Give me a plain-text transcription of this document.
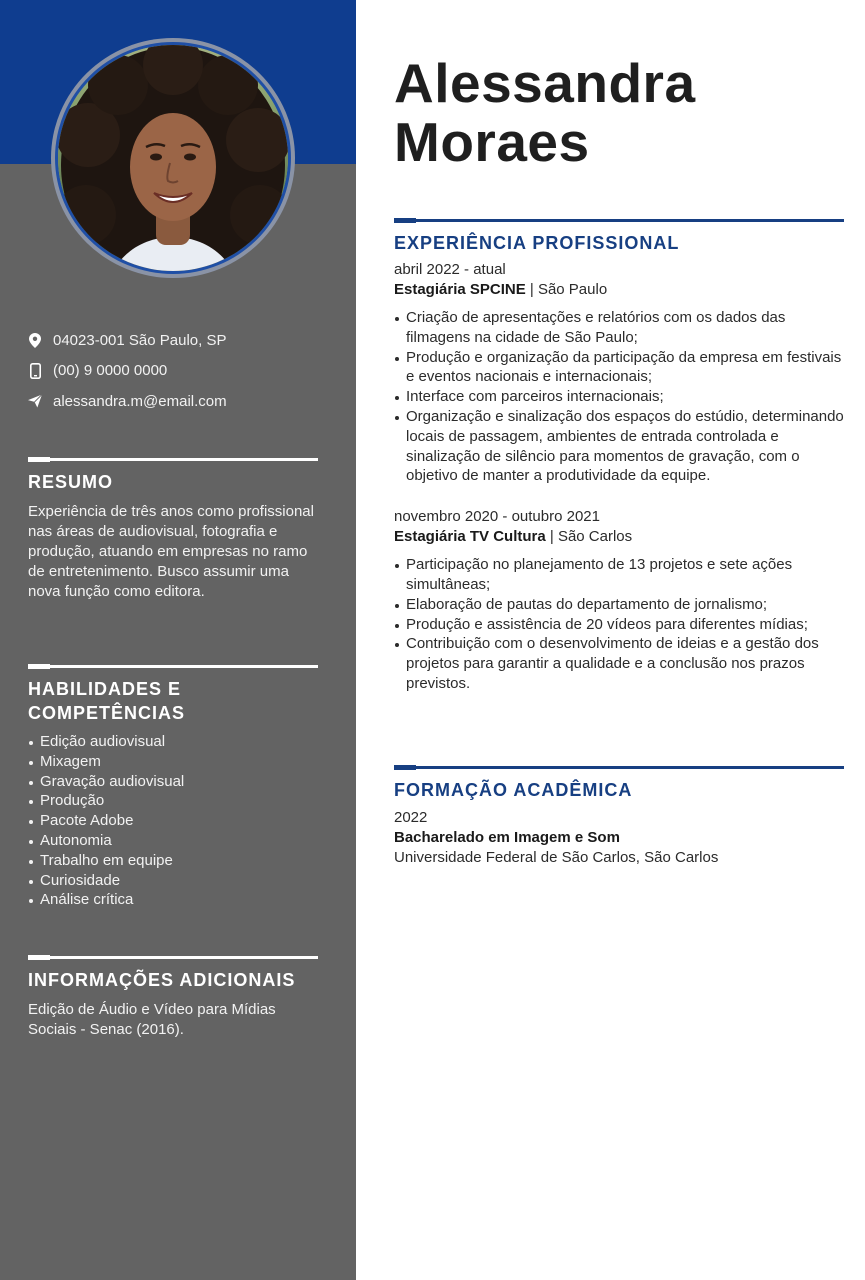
04023-001 São Paulo, SP
(00) 9 0000 0000
alessandra.m@email.com
RESUMO
Experiência de três anos como profissional nas áreas de audiovisual, fotografia e produção, atuando em empresas no ramo de entretenimento. Busco assumir uma nova função como editora.
HABILIDADES E
COMPETÊNCIAS
Edição audiovisual
Mixagem
Gravação audiovisual
Produção
Pacote Adobe
Autonomia
Trabalho em equipe
Curiosidade
Análise crítica
INFORMAÇÕES ADICIONAIS
Edição de Áudio e Vídeo para Mídias Sociais - Senac (2016).
Alessandra
Moraes
EXPERIÊNCIA PROFISSIONAL
abril 2022 - atual
Estagiária SPCINE | São Paulo
Criação de apresentações e relatórios com os dados das filmagens na cidade de São Paulo;
Produção e organização da participação da empresa em festivais e eventos nacionais e internacionais;
Interface com parceiros internacionais;
Organização e sinalização dos espaços do estúdio, determinando locais de passagem, ambientes de entrada controlada e sinalização de silêncio para momentos de gravação, com o objetivo de manter a produtividade da equipe.
novembro 2020 - outubro 2021
Estagiária TV Cultura | São Carlos
Participação no planejamento de 13 projetos e sete ações simultâneas;
Elaboração de pautas do departamento de jornalismo;
Produção e assistência de 20 vídeos para diferentes mídias;
Contribuição com o desenvolvimento de ideias e a gestão dos projetos para garantir a qualidade e a conclusão nos prazos previstos.
FORMAÇÃO ACADÊMICA
2022
Bacharelado em Imagem e Som
Universidade Federal de São Carlos, São Carlos
